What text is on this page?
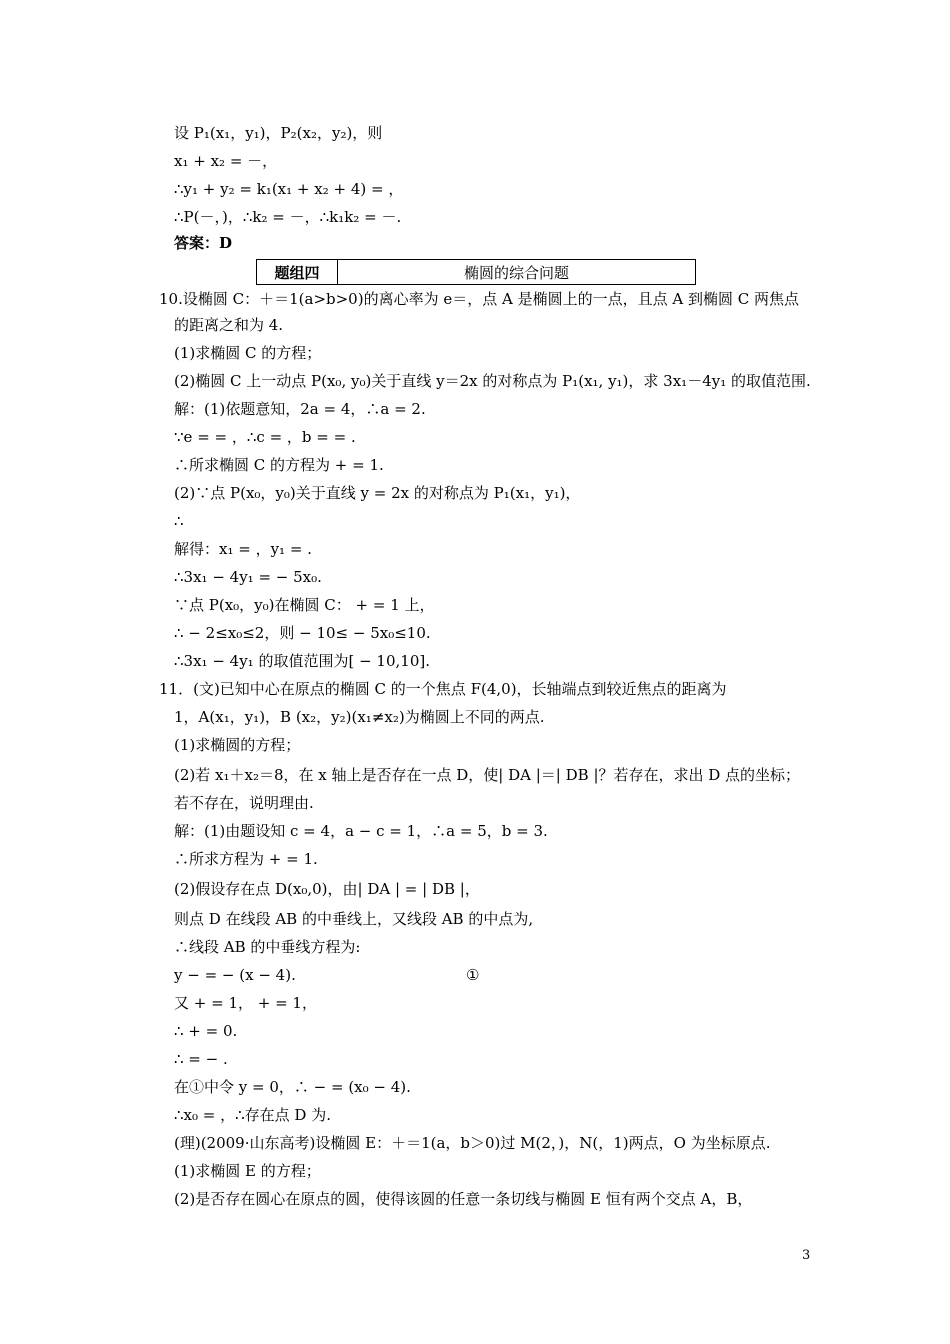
设 P₁(x₁，y₁)，P₂(x₂，y₂)，则
x₁ + x₂ = －，
∴y₁ + y₂ = k₁(x₁ + x₂ + 4) = ，
∴P(－，)，∴k₂ = －，∴k₁k₂ = －.
答案：D
题组四	椭圆的综合问题
10.设椭圆 C：＋＝1(a>b>0)的离心率为 e＝，点 A 是椭圆上的一点，且点 A 到椭圆 C 两焦点
的距离之和为 4.
(1)求椭圆 C 的方程；
(2)椭圆 C 上一动点 P(x₀, y₀)关于直线 y＝2x 的对称点为 P₁(x₁, y₁)，求 3x₁－4y₁ 的取值范围.
解：(1)依题意知，2a = 4，∴a = 2.
∵e = = ，∴c = ，b = = .
∴所求椭圆 C 的方程为 + = 1.
(2)∵点 P(x₀，y₀)关于直线 y = 2x 的对称点为 P₁(x₁，y₁)，
∴
解得：x₁ = ，y₁ = .
∴3x₁ − 4y₁ = − 5x₀.
∵点 P(x₀，y₀)在椭圆 C： + = 1 上，
∴ − 2≤x₀≤2，则 − 10≤ − 5x₀≤10.
∴3x₁ − 4y₁ 的取值范围为[ − 10,10].
11．(文)已知中心在原点的椭圆 C 的一个焦点 F(4,0)，长轴端点到较近焦点的距离为
1，A(x₁，y₁)，B (x₂，y₂)(x₁≠x₂)为椭圆上不同的两点.
(1)求椭圆的方程；
(2)若 x₁＋x₂＝8，在 x 轴上是否存在一点 D，使| DA |＝| DB |？若存在，求出 D 点的坐标；
若不存在，说明理由.
解：(1)由题设知 c = 4，a − c = 1，∴a = 5，b = 3.
∴所求方程为 + = 1.
(2)假设存在点 D(x₀,0)，由| DA | = | DB |，
则点 D 在线段 AB 的中垂线上，又线段 AB 的中点为,
∴线段 AB 的中垂线方程为:
y − = − (x − 4).	①
又 + = 1， + = 1，
∴ + = 0.
∴ = − .
在①中令 y = 0，∴ − = (x₀ − 4).
∴x₀ = ，∴存在点 D 为.
(理)(2009·山东高考)设椭圆 E：＋＝1(a，b＞0)过 M(2，)，N(，1)两点，O 为坐标原点.
(1)求椭圆 E 的方程；
(2)是否存在圆心在原点的圆，使得该圆的任意一条切线与椭圆 E 恒有两个交点 A，B，
3
